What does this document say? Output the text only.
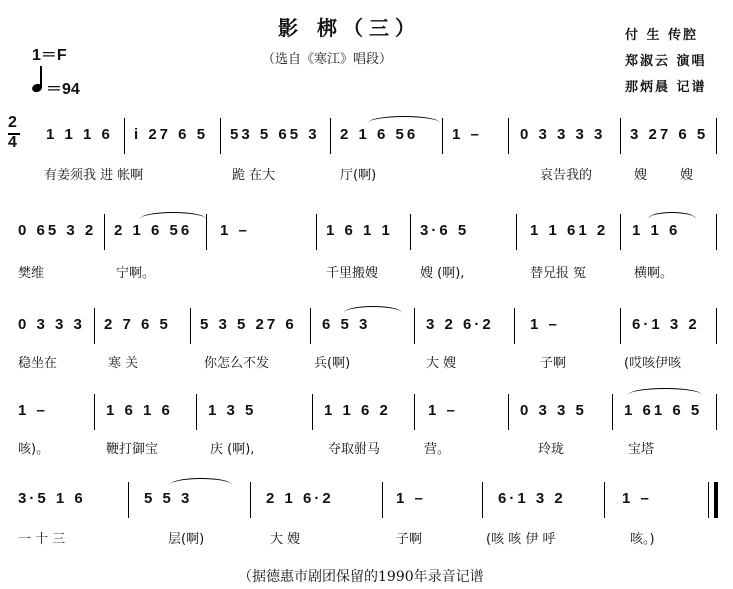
影 梆（三）
（选自《寒江》唱段）
付 生 传腔
郑淑云 演唱
那炳晨 记谱
1＝F
＝94
2
4 1 1 1 6 i 27 6 5 53 5 65 3 2 1 6 56 1 –	0 3 3 3 3 3 27 6 5
有姜须我 进 帐啊	跪 在大	厅(啊)	哀告我的	嫂	嫂
0 65 3 2 2 1 6 56 1 –	1 6 1 1 3·6 5	1 1 61 2 1 1 6
樊维	宁啊。	千里搬嫂	嫂 (啊),	替兄报 冤	横啊。
0 3 3 3 2 7 6 5 5 3 5 27 6 6 5 3	3 2 6·2 1 –	6·1 3 2
稳坐在	寒 关	你怎么不发	兵(啊)	大 嫂	子啊	(哎咳伊咳
1 –	1 6 1 6 1 3 5	1 1 6 2 1 –	0 3 3 5 1 61 6 5
咳)。	鞭打御宝	庆 (啊),	夺取驸马	营。	玲珑	宝塔
3·5 1 6	5 5 3	2 1 6·2	1 –	6·1 3 2	1 –
一 十 三	层(啊)	大 嫂	子啊	(咳 咳 伊 呼	咳。)
（据德惠市剧团保留的1990年录音记谱
